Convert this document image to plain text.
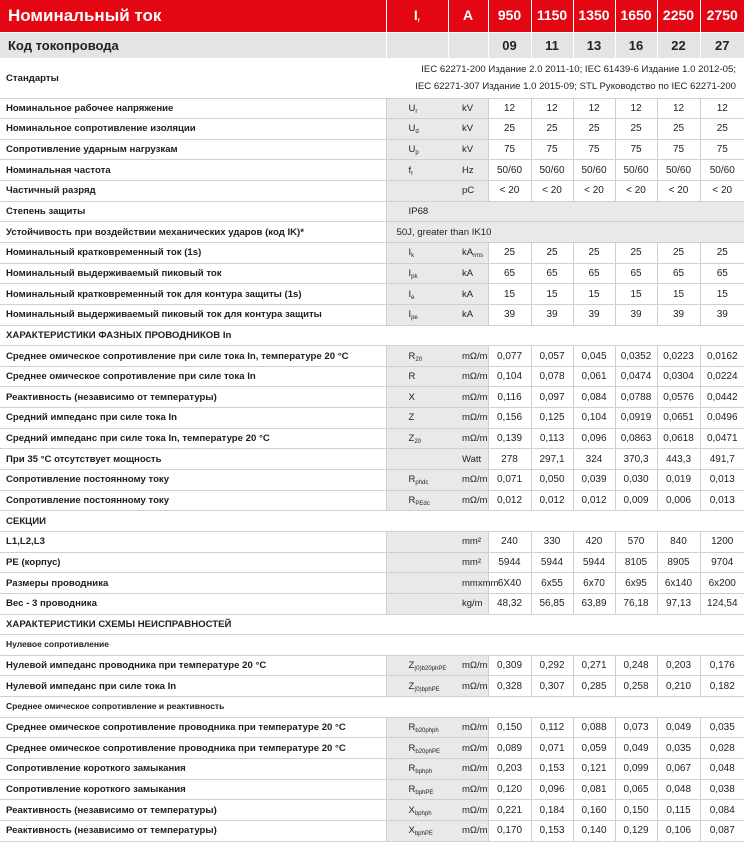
Номинальный ток	$I_r$	A	950	1150	1350	1650	2250	2750
Код токопровода			09	11	13	16	22	27
Стандарты	IEC 62271-200 Издание 2.0 2011-10; IEC 61439-6 Издание 1.0 2012-05;
IEC 62271-307 Издание 1.0 2015-09; STL Руководство по IEC 62271-200							

Номинальное рабочее напряжение	$U_r$	kV	12	12	12	12	12	12
Номинальное сопротивление изоляции	$U_d$	kV	25	25	25	25	25	25
Сопротивление ударным нагрузкам	$U_p$	kV	75	75	75	75	75	75
Номинальная частота	$f_r$	Hz	50/60	50/60	50/60	50/60	50/60	50/60
Частичный разряд		pC	< 20	< 20	< 20	< 20	< 20	< 20
Степень защиты	IP68							
Устойчивость при воздействии механических ударов (код IK)*	50J, greater than IK10							
Номинальный кратковременный ток (1s)	$I_k$	$kA_{rms}$	25	25	25	25	25	25
Номинальный выдерживаемый пиковый ток	$I_{pk}$	kA	65	65	65	65	65	65
Номинальный кратковременный ток для контура защиты (1s)	$I_e$	kA	15	15	15	15	15	15
Номинальный выдерживаемый пиковый ток для контура защиты	$I_{pe}$	kA	39	39	39	39	39	39
ХАРАКТЕРИСТИКИ ФАЗНЫХ ПРОВОДНИКОВ In								
Среднее омическое сопротивление при силе тока In, температуре 20 °C	$R_{20}$	mΩ/m	0,077	0,057	0,045	0,0352	0,0223	0,0162
Среднее омическое сопротивление при силе тока In	R	mΩ/m	0,104	0,078	0,061	0,0474	0,0304	0,0224
Реактивность (независимо от температуры)	X	mΩ/m	0,116	0,097	0,084	0,0788	0,0576	0,0442
Средний импеданс при силе тока In	Z	mΩ/m	0,156	0,125	0,104	0,0919	0,0651	0,0496
Средний импеданс при силе тока In, температуре 20 °C	$Z_{20}$	mΩ/m	0,139	0,113	0,096	0,0863	0,0618	0,0471
При 35 °C отсутствует мощность		Watt	278	297,1	324	370,3	443,3	491,7
Сопротивление постоянному току	$R_{phdc}$	mΩ/m	0,071	0,050	0,039	0,030	0,019	0,013
Сопротивление постоянному току	$R_{PEdc}$	mΩ/m	0,012	0,012	0,012	0,009	0,006	0,013
СЕКЦИИ								
L1,L2,L3		mm²	240	330	420	570	840	1200
PE (корпус)		mm²	5944	5944	5944	8105	8905	9704
Размеры проводника		mmxmm	6X40	6x55	6x70	6x95	6x140	6x200
Вес - 3 проводника		kg/m	48,32	56,85	63,89	76,18	97,13	124,54
ХАРАКТЕРИСТИКИ СХЕМЫ НЕИСПРАВНОСТЕЙ								
Нулевое сопротивление								
Нулевой импеданс проводника при температуре 20 °C	$Z_{(0)b20phPE}$	mΩ/m	0,309	0,292	0,271	0,248	0,203	0,176
Нулевой импеданс при силе тока In	$Z_{(0)bphPE}$	mΩ/m	0,328	0,307	0,285	0,258	0,210	0,182
Среднее омическое сопротивление и реактивность								
Среднее омическое сопротивление проводника при температуре 20 °C	$R_{b20phph}$	mΩ/m	0,150	0,112	0,088	0,073	0,049	0,035
Среднее омическое сопротивление проводника при температуре 20 °C	$R_{b20phPE}$	mΩ/m	0,089	0,071	0,059	0,049	0,035	0,028
Сопротивление короткого замыкания	$R_{bphph}$	mΩ/m	0,203	0,153	0,121	0,099	0,067	0,048
Сопротивление короткого замыкания	$R_{bphPE}$	mΩ/m	0,120	0,096	0,081	0,065	0,048	0,038
Реактивность (независимо от температуры)	$X_{bphph}$	mΩ/m	0,221	0,184	0,160	0,150	0,115	0,084
Реактивность (независимо от температуры)	$X_{bphPE}$	mΩ/m	0,170	0,153	0,140	0,129	0,106	0,087
